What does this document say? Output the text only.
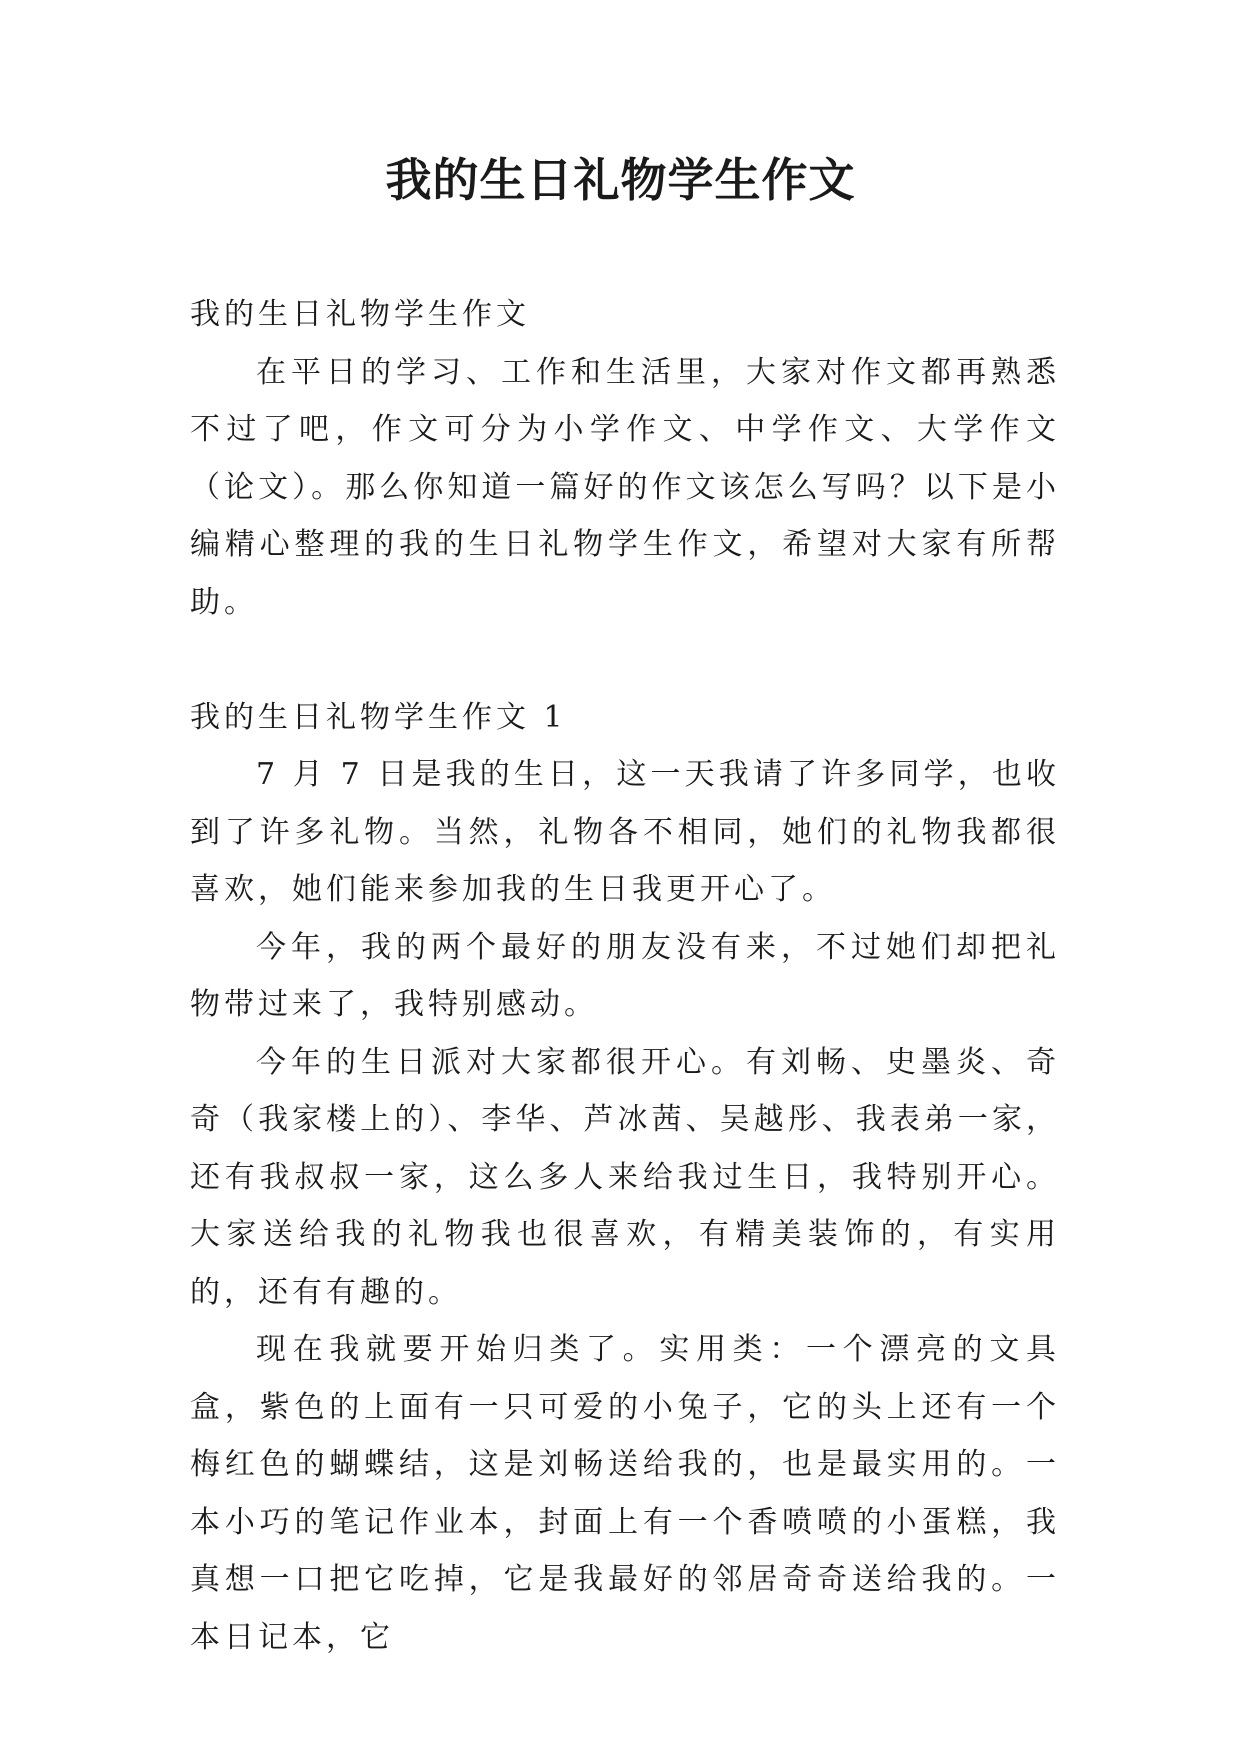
我的生日礼物学生作文

我的生日礼物学生作文

在平日的学习、工作和生活里，大家对作文都再熟悉不过了吧，作文可分为小学作文、中学作文、大学作文（论文）。那么你知道一篇好的作文该怎么写吗？以下是小编精心整理的我的生日礼物学生作文，希望对大家有所帮助。

我的生日礼物学生作文 1

7 月 7 日是我的生日，这一天我请了许多同学，也收到了许多礼物。当然，礼物各不相同，她们的礼物我都很喜欢，她们能来参加我的生日我更开心了。

今年，我的两个最好的朋友没有来，不过她们却把礼物带过来了，我特别感动。

今年的生日派对大家都很开心。有刘畅、史墨炎、奇奇（我家楼上的）、李华、芦冰茜、吴越彤、我表弟一家，还有我叔叔一家，这么多人来给我过生日，我特别开心。大家送给我的礼物我也很喜欢，有精美装饰的，有实用的，还有有趣的。

现在我就要开始归类了。实用类：一个漂亮的文具盒，紫色的上面有一只可爱的小兔子，它的头上还有一个梅红色的蝴蝶结，这是刘畅送给我的，也是最实用的。一本小巧的笔记作业本，封面上有一个香喷喷的小蛋糕，我真想一口把它吃掉，它是我最好的邻居奇奇送给我的。一本日记本，它
